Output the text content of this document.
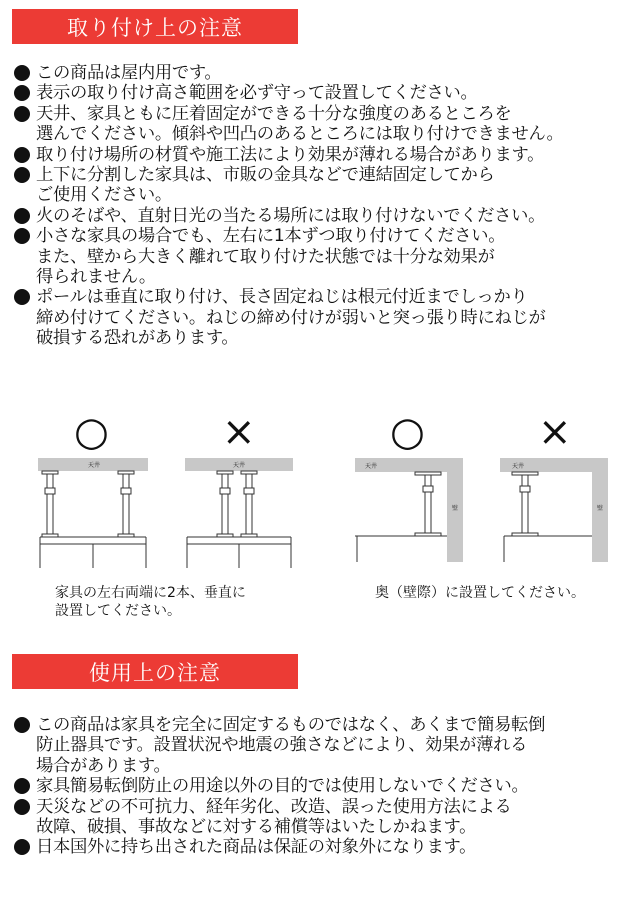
取り付け上の注意
この商品は屋内用です。
表示の取り付け高さ範囲を必ず守って設置してください。
天井、家具ともに圧着固定ができる十分な強度のあるところを
選んでください。傾斜や凹凸のあるところには取り付けできません。
取り付け場所の材質や施工法により効果が薄れる場合があります。
上下に分割した家具は、市販の金具などで連結固定してから
ご使用ください。
火のそばや、直射日光の当たる場所には取り付けないでください。
小さな家具の場合でも、左右に1本ずつ取り付けてください。
また、壁から大きく離れて取り付けた状態では十分な効果が
得られません。
ポールは垂直に取り付け、長さ固定ねじは根元付近までしっかり
締め付けてください。ねじの締め付けが弱いと突っ張り時にねじが
破損する恐れがあります。
○	×	○	×
天井	天井	天井
壁
天井
壁
家具の左右両端に2本、垂直に
設置してください。
奥（壁際）に設置してください。
使用上の注意
この商品は家具を完全に固定するものではなく、あくまで簡易転倒
防止器具です。設置状況や地震の強さなどにより、効果が薄れる
場合があります。
家具簡易転倒防止の用途以外の目的では使用しないでください。
天災などの不可抗力、経年劣化、改造、誤った使用方法による
故障、破損、事故などに対する補償等はいたしかねます。
日本国外に持ち出された商品は保証の対象外になります。
